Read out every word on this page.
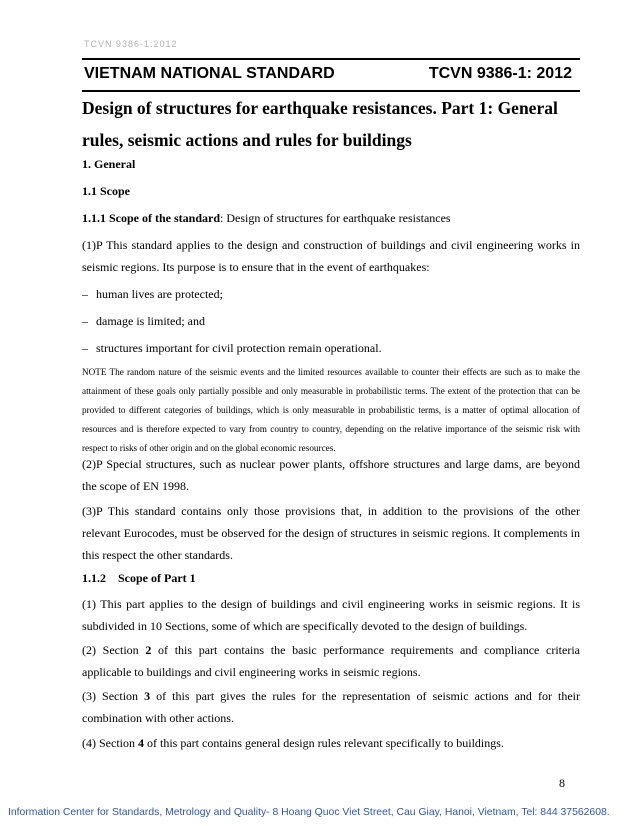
TCVN 9386-1:2012
VIETNAM NATIONAL STANDARD	TCVN 9386-1: 2012
Design of structures for earthquake resistances. Part 1: General rules, seismic actions and rules for buildings
1. General
1.1 Scope
1.1.1 Scope of the standard: Design of structures for earthquake resistances
(1)P This standard applies to the design and construction of buildings and civil engineering works in seismic regions. Its purpose is to ensure that in the event of earthquakes:
– human lives are protected;
– damage is limited; and
– structures important for civil protection remain operational.
NOTE The random nature of the seismic events and the limited resources available to counter their effects are such as to make the attainment of these goals only partially possible and only measurable in probabilistic terms. The extent of the protection that can be provided to different categories of buildings, which is only measurable in probabilistic terms, is a matter of optimal allocation of resources and is therefore expected to vary from country to country, depending on the relative importance of the seismic risk with respect to risks of other origin and on the global economic resources.
(2)P Special structures, such as nuclear power plants, offshore structures and large dams, are beyond the scope of EN 1998.
(3)P This standard contains only those provisions that, in addition to the provisions of the other relevant Eurocodes, must be observed for the design of structures in seismic regions. It complements in this respect the other standards.
1.1.2    Scope of Part 1
(1) This part applies to the design of buildings and civil engineering works in seismic regions. It is subdivided in 10 Sections, some of which are specifically devoted to the design of buildings.
(2) Section 2 of this part contains the basic performance requirements and compliance criteria applicable to buildings and civil engineering works in seismic regions.
(3) Section 3 of this part gives the rules for the representation of seismic actions and for their combination with other actions.
(4) Section 4 of this part contains general design rules relevant specifically to buildings.
8
Information Center for Standards, Metrology and Quality- 8 Hoang Quoc Viet Street, Cau Giay, Hanoi, Vietnam, Tel: 844 37562608.
